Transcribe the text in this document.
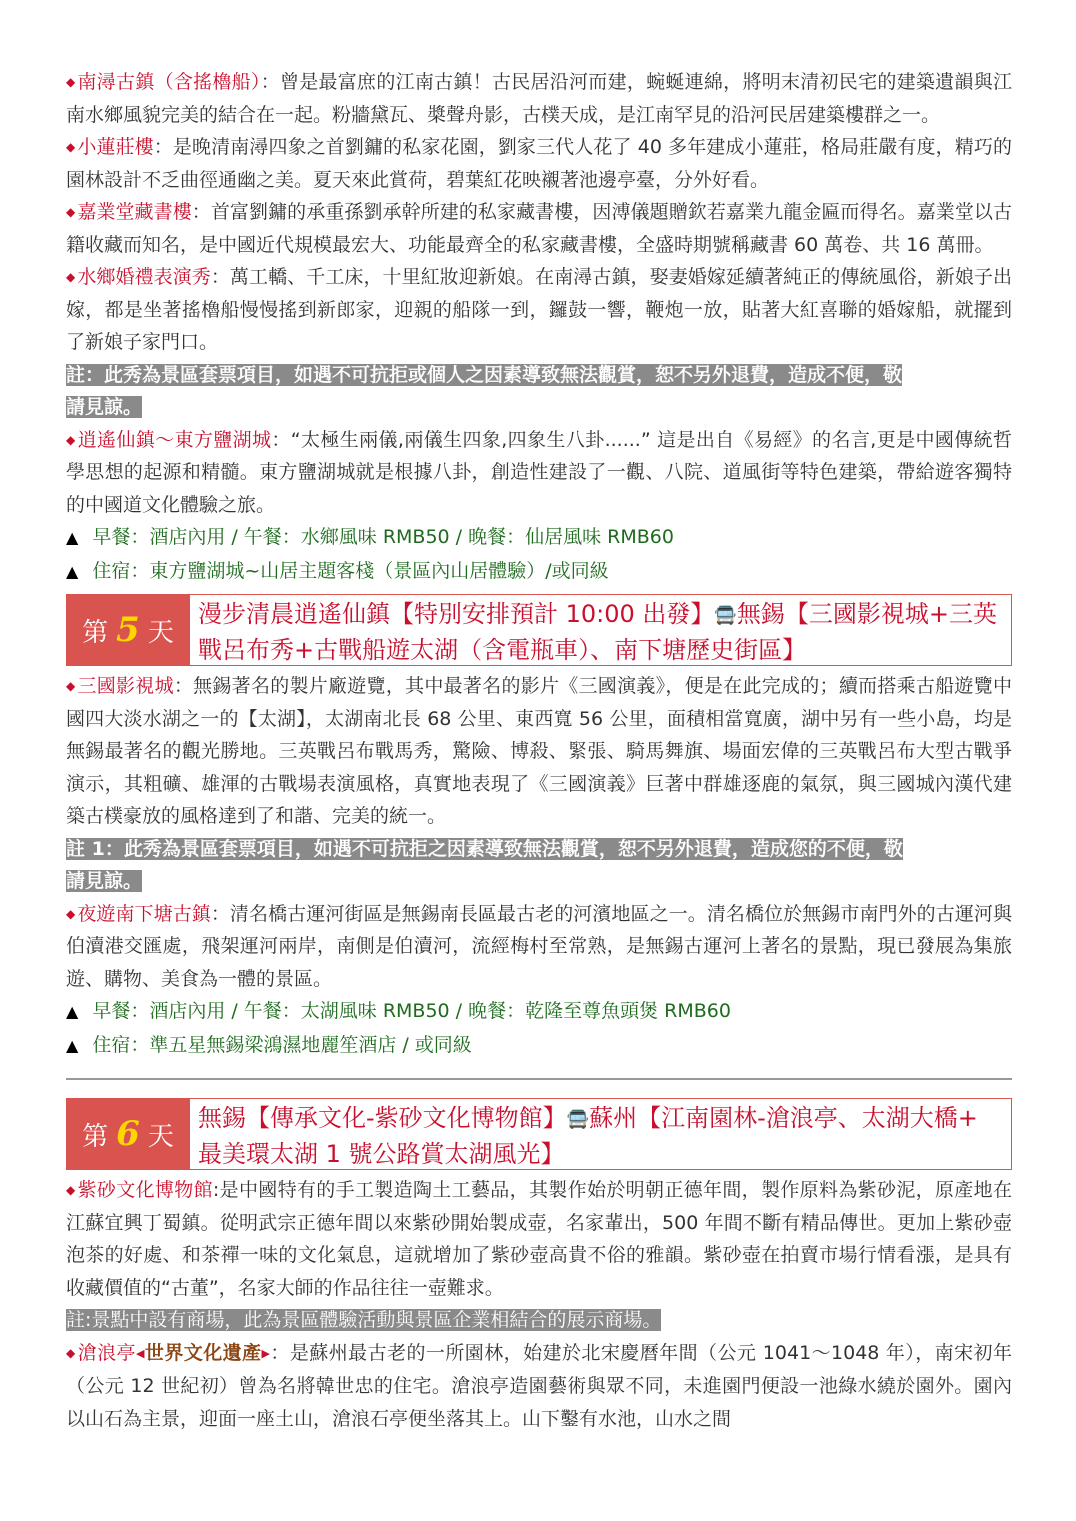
◆ 南潯古鎮（含搖櫓船）：曾是最富庶的江南古鎮！古民居沿河而建，蜿蜒連綿，將明末清初民宅的建築遺韻與江南水鄉風貌完美的結合在一起。粉牆黛瓦、槳聲舟影，古樸天成，是江南罕見的沿河民居建築樓群之一。

◆ 小蓮莊樓：是晚清南潯四象之首劉鏞的私家花園，劉家三代人花了 40 多年建成小蓮莊，格局莊嚴有度，精巧的園林設計不乏曲徑通幽之美。夏天來此賞荷，碧葉紅花映襯著池邊亭臺，分外好看。

◆ 嘉業堂藏書樓：首富劉鏞的承重孫劉承幹所建的私家藏書樓，因溥儀題贈欽若嘉業九龍金匾而得名。嘉業堂以古籍收藏而知名，是中國近代規模最宏大、功能最齊全的私家藏書樓，全盛時期號稱藏書 60 萬卷、共 16 萬冊。

◆ 水鄉婚禮表演秀：萬工轎、千工床，十里紅妝迎新娘。在南潯古鎮，娶妻婚嫁延續著純正的傳統風俗，新娘子出嫁，都是坐著搖櫓船慢慢搖到新郎家，迎親的船隊一到，鑼鼓一響，鞭炮一放，貼著大紅喜聯的婚嫁船，就擺到了新娘子家門口。

註：此秀為景區套票項目，如遇不可抗拒或個人之因素導致無法觀賞，恕不另外退費，造成不便，敬
請見諒。

◆ 逍遙仙鎮～東方鹽湖城：“太極生兩儀,兩儀生四象,四象生八卦......” 這是出自《易經》的名言,更是中國傳統哲學思想的起源和精髓。東方鹽湖城就是根據八卦，創造性建設了一觀、八院、道風街等特色建築，帶給遊客獨特的中國道文化體驗之旅。

▲ 早餐：酒店內用 / 午餐：水鄉風味 RMB50 / 晚餐：仙居風味 RMB60

▲ 住宿：東方鹽湖城~山居主題客棧（景區內山居體驗）/或同級

第 5 天
漫步清晨逍遙仙鎮【特別安排預計 10:00 出發】🚍無錫【三國影視城+三英
戰呂布秀+古戰船遊太湖（含電瓶車）、南下塘歷史街區】

◆ 三國影視城：無錫著名的製片廠遊覽，其中最著名的影片《三國演義》，便是在此完成的；續而搭乘古船遊覽中國四大淡水湖之一的【太湖】，太湖南北長 68 公里、東西寬 56 公里，面積相當寬廣，湖中另有一些小島，均是無錫最著名的觀光勝地。三英戰呂布戰馬秀，驚險、博殺、緊張、騎馬舞旗、場面宏偉的三英戰呂布大型古戰爭演示，其粗礦、雄渾的古戰場表演風格，真實地表現了《三國演義》巨著中群雄逐鹿的氣氛，與三國城內漢代建築古樸豪放的風格達到了和諧、完美的統一。

註 1：此秀為景區套票項目，如遇不可抗拒之因素導致無法觀賞，恕不另外退費，造成您的不便，敬
請見諒。

◆ 夜遊南下塘古鎮：清名橋古運河街區是無錫南長區最古老的河濱地區之一。清名橋位於無錫市南門外的古運河與伯瀆港交匯處，飛架運河兩岸，南側是伯瀆河，流經梅村至常熟，是無錫古運河上著名的景點，現已發展為集旅遊、購物、美食為一體的景區。

▲ 早餐：酒店內用 / 午餐：太湖風味 RMB50 / 晚餐：乾隆至尊魚頭煲 RMB60

▲ 住宿：準五星無錫梁鴻濕地麗笙酒店 / 或同級

第 6 天
無錫【傳承文化-紫砂文化博物館】🚍蘇州【江南園林-滄浪亭、太湖大橋+
最美環太湖 1 號公路賞太湖風光】

◆ 紫砂文化博物館:是中國特有的手工製造陶土工藝品，其製作始於明朝正德年間，製作原料為紫砂泥，原產地在江蘇宜興丁蜀鎮。從明武宗正德年間以來紫砂開始製成壺，名家輩出，500 年間不斷有精品傳世。更加上紫砂壺泡茶的好處、和茶禪一味的文化氣息，這就增加了紫砂壺高貴不俗的雅韻。紫砂壺在拍賣市場行情看漲，是具有收藏價值的“古董”，名家大師的作品往往一壺難求。

註:景點中設有商場，此為景區體驗活動與景區企業相結合的展示商場。

◆ 滄浪亭◀世界文化遺產▶：是蘇州最古老的一所園林，始建於北宋慶曆年間（公元 1041～1048 年），南宋初年（公元 12 世紀初）曾為名將韓世忠的住宅。滄浪亭造園藝術與眾不同，未進園門便設一池綠水繞於園外。園內以山石為主景，迎面一座土山，滄浪石亭便坐落其上。山下鑿有水池，山水之間
